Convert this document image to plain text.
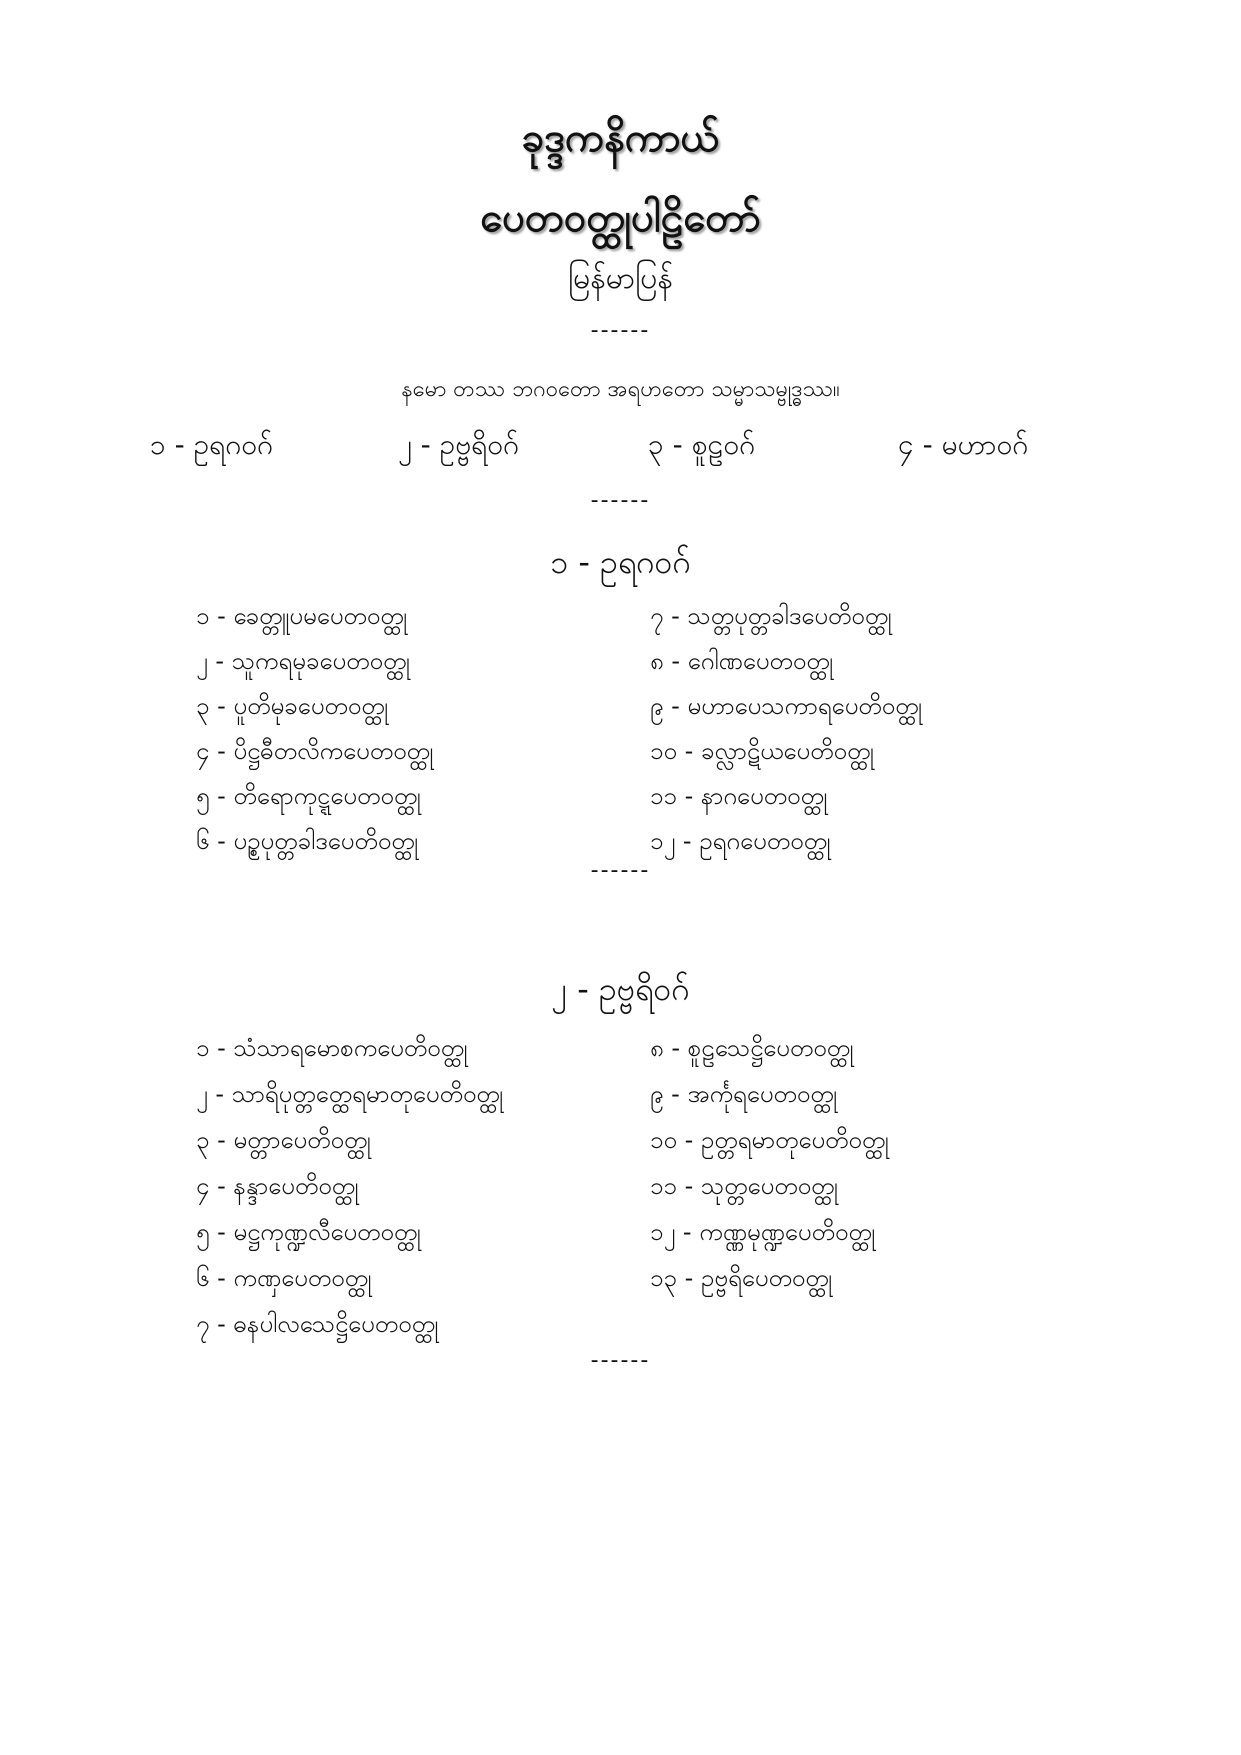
ခုဒ္ဒကနိကာယ်
ပေတဝတ္ထုပါဠိတော်
မြန်မာပြန်
------
နမော တဿ ဘဂဝတော အရဟတော သမ္မာသမ္ဗုဒ္ဓဿ။
၁ - ဥရဂဝဂ်	၂ - ဥဗ္ဗရိဝဂ်	၃ - စူဠဝဂ်	၄ - မဟာဝဂ်
------
၁ - ဥရဂဝဂ်
၁ - ခေတ္တူပမပေတဝတ္ထု
၂ - သူကရမုခပေတဝတ္ထု
၃ - ပူတိမုခပေတဝတ္ထု
၄ - ပိဋ္ဌဓီတလိကပေတဝတ္ထု
၅ - တိရောကုဋ္ဋပေတဝတ္ထု
၆ - ပဉ္စပုတ္တခါဒပေတိဝတ္ထု
၇ - သတ္တပုတ္တခါဒပေတိဝတ္ထု
၈ - ဂေါဏပေတဝတ္ထု
၉ - မဟာပေသကာရပေတိဝတ္ထု
၁၀ - ခလ္လာဋိယပေတိဝတ္ထု
၁၁ - နာဂပေတဝတ္ထု
၁၂ - ဥရဂပေတဝတ္ထု
------
၂ - ဥဗ္ဗရိဝဂ်
၁ - သံသာရမောစကပေတိဝတ္ထု
၂ - သာရိပုတ္တတ္ထေရမာတုပေတိဝတ္ထု
၃ - မတ္တာပေတိဝတ္ထု
၄ - နန္ဒာပေတိဝတ္ထု
၅ - မဋ္ဌကုဏ္ဍလီပေတဝတ္ထု
၆ - ကဏှပေတဝတ္ထု
၇ - ဓနပါလသေဋ္ဌိပေတဝတ္ထု
၈ - စူဠသေဋ္ဌိပေတဝတ္ထု
၉ - အင်္ကုရပေတဝတ္ထု
၁၀ - ဥတ္တရမာတုပေတိဝတ္ထု
၁၁ - သုတ္တပေတဝတ္ထု
၁၂ - ကဏ္ဏမုဏ္ဍပေတိဝတ္ထု
၁၃ - ဥဗ္ဗရိပေတဝတ္ထု
------
